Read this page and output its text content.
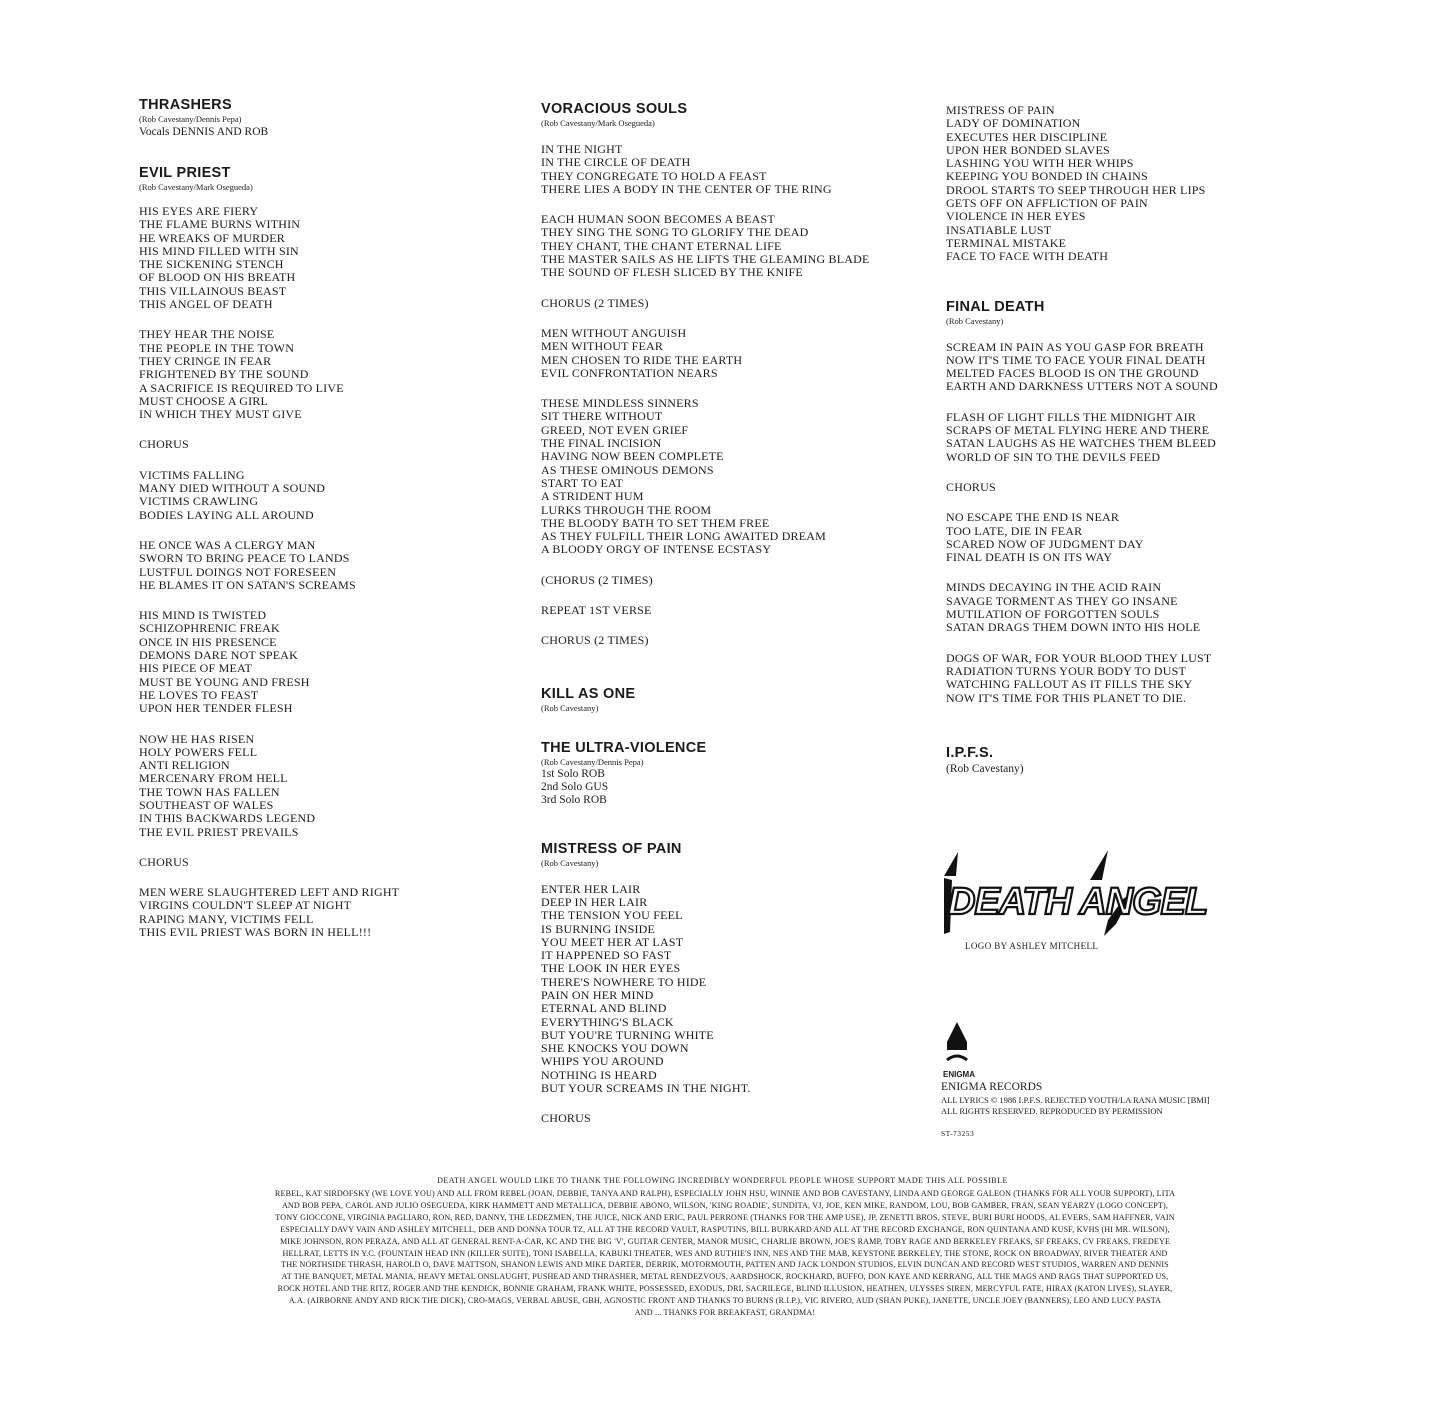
THRASHERS

(Rob Cavestany/Dennis Pepa)

Vocals DENNIS AND ROB

EVIL PRIEST

(Rob Cavestany/Mark Osegueda)

HIS EYES ARE FIERY
THE FLAME BURNS WITHIN
HE WREAKS OF MURDER
HIS MIND FILLED WITH SIN
THE SICKENING STENCH
OF BLOOD ON HIS BREATH
THIS VILLAINOUS BEAST
THIS ANGEL OF DEATH
THEY HEAR THE NOISE
THE PEOPLE IN THE TOWN
THEY CRINGE IN FEAR
FRIGHTENED BY THE SOUND
A SACRIFICE IS REQUIRED TO LIVE
MUST CHOOSE A GIRL
IN WHICH THEY MUST GIVE
CHORUS
VICTIMS FALLING
MANY DIED WITHOUT A SOUND
VICTIMS CRAWLING
BODIES LAYING ALL AROUND
HE ONCE WAS A CLERGY MAN
SWORN TO BRING PEACE TO LANDS
LUSTFUL DOINGS NOT FORESEEN
HE BLAMES IT ON SATAN'S SCREAMS
HIS MIND IS TWISTED
SCHIZOPHRENIC FREAK
ONCE IN HIS PRESENCE
DEMONS DARE NOT SPEAK
HIS PIECE OF MEAT
MUST BE YOUNG AND FRESH
HE LOVES TO FEAST
UPON HER TENDER FLESH
NOW HE HAS RISEN
HOLY POWERS FELL
ANTI RELIGION
MERCENARY FROM HELL
THE TOWN HAS FALLEN
SOUTHEAST OF WALES
IN THIS BACKWARDS LEGEND
THE EVIL PRIEST PREVAILS
CHORUS
MEN WERE SLAUGHTERED LEFT AND RIGHT
VIRGINS COULDN'T SLEEP AT NIGHT
RAPING MANY, VICTIMS FELL
THIS EVIL PRIEST WAS BORN IN HELL!!!

VORACIOUS SOULS

(Rob Cavestany/Mark Osegueda)

IN THE NIGHT
IN THE CIRCLE OF DEATH
THEY CONGREGATE TO HOLD A FEAST
THERE LIES A BODY IN THE CENTER OF THE RING
EACH HUMAN SOON BECOMES A BEAST
THEY SING THE SONG TO GLORIFY THE DEAD
THEY CHANT, THE CHANT ETERNAL LIFE
THE MASTER SAILS AS HE LIFTS THE GLEAMING BLADE
THE SOUND OF FLESH SLICED BY THE KNIFE
CHORUS (2 TIMES)
MEN WITHOUT ANGUISH
MEN WITHOUT FEAR
MEN CHOSEN TO RIDE THE EARTH
EVIL CONFRONTATION NEARS
THESE MINDLESS SINNERS
SIT THERE WITHOUT
GREED, NOT EVEN GRIEF
THE FINAL INCISION
HAVING NOW BEEN COMPLETE
AS THESE OMINOUS DEMONS
START TO EAT
A STRIDENT HUM
LURKS THROUGH THE ROOM
THE BLOODY BATH TO SET THEM FREE
AS THEY FULFILL THEIR LONG AWAITED DREAM
A BLOODY ORGY OF INTENSE ECSTASY
(CHORUS (2 TIMES)
REPEAT 1ST VERSE
CHORUS (2 TIMES)

KILL AS ONE

(Rob Cavestany)

THE ULTRA-VIOLENCE

(Rob Cavestany/Dennis Pepa)

1st Solo ROB

2nd Solo GUS

3rd Solo ROB

MISTRESS OF PAIN

(Rob Cavestany)

ENTER HER LAIR
DEEP IN HER LAIR
THE TENSION YOU FEEL
IS BURNING INSIDE
YOU MEET HER AT LAST
IT HAPPENED SO FAST
THE LOOK IN HER EYES
THERE'S NOWHERE TO HIDE
PAIN ON HER MIND
ETERNAL AND BLIND
EVERYTHING'S BLACK
BUT YOU'RE TURNING WHITE
SHE KNOCKS YOU DOWN
WHIPS YOU AROUND
NOTHING IS HEARD
BUT YOUR SCREAMS IN THE NIGHT.
CHORUS
MISTRESS OF PAIN
LADY OF DOMINATION
EXECUTES HER DISCIPLINE
UPON HER BONDED SLAVES
LASHING YOU WITH HER WHIPS
KEEPING YOU BONDED IN CHAINS
DROOL STARTS TO SEEP THROUGH HER LIPS
GETS OFF ON AFFLICTION OF PAIN
VIOLENCE IN HER EYES
INSATIABLE LUST
TERMINAL MISTAKE
FACE TO FACE WITH DEATH

FINAL DEATH

(Rob Cavestany)

SCREAM IN PAIN AS YOU GASP FOR BREATH
NOW IT'S TIME TO FACE YOUR FINAL DEATH
MELTED FACES BLOOD IS ON THE GROUND
EARTH AND DARKNESS UTTERS NOT A SOUND
FLASH OF LIGHT FILLS THE MIDNIGHT AIR
SCRAPS OF METAL FLYING HERE AND THERE
SATAN LAUGHS AS HE WATCHES THEM BLEED
WORLD OF SIN TO THE DEVILS FEED
CHORUS
NO ESCAPE THE END IS NEAR
TOO LATE, DIE IN FEAR
SCARED NOW OF JUDGMENT DAY
FINAL DEATH IS ON ITS WAY
MINDS DECAYING IN THE ACID RAIN
SAVAGE TORMENT AS THEY GO INSANE
MUTILATION OF FORGOTTEN SOULS
SATAN DRAGS THEM DOWN INTO HIS HOLE
DOGS OF WAR, FOR YOUR BLOOD THEY LUST
RADIATION TURNS YOUR BODY TO DUST
WATCHING FALLOUT AS IT FILLS THE SKY
NOW IT'S TIME FOR THIS PLANET TO DIE.

I.P.F.S.

(Rob Cavestany)

DEATH ANGEL
LOGO BY ASHLEY MITCHELL
ENIGMA
ENIGMA RECORDS
ALL LYRICS © 1986 I.P.F.S. REJECTED YOUTH/LA RANA MUSIC [BMI]
ALL RIGHTS RESERVED. REPRODUCED BY PERMISSION
ST-73253
DEATH ANGEL WOULD LIKE TO THANK THE FOLLOWING INCREDIBLY WONDERFUL PEOPLE WHOSE SUPPORT MADE THIS ALL POSSIBLE
REBEL, KAT SIRDOFSKY (WE LOVE YOU) AND ALL FROM REBEL (JOAN, DEBBIE, TANYA AND RALPH), ESPECIALLY JOHN HSU, WINNIE AND BOB CAVESTANY, LINDA AND GEORGE GALEON (THANKS FOR ALL YOUR SUPPORT), LITA
AND BOB PEPA, CAROL AND JULIO OSEGUEDA, KIRK HAMMETT AND METALLICA, DEBBIE ABONO, WILSON, 'KING ROADIE', SUNDITA, VJ, JOE, KEN MIKE, RANDOM, LOU, BOB GAMBER, FRAN, SEAN YEARZY (LOGO CONCEPT),
TONY GIOCCONE, VIRGINIA PAGLIARO, RON, RED, DANNY, THE LEDEZMEN, THE JUICE, NICK AND ERIC, PAUL PERRONE (THANKS FOR THE AMP USE), JP, ZENETTI BROS, STEVE, BURI BURI HOODS, AL EVERS, SAM HAFFNER, VAIN
ESPECIALLY DAVY VAIN AND ASHLEY MITCHELL, DEB AND DONNA TOUR TZ, ALL AT THE RECORD VAULT, RASPUTINS, BILL BURKARD AND ALL AT THE RECORD EXCHANGE, RON QUINTANA AND KUSF, KVHS (HI MR. WILSON),
MIKE JOHNSON, RON PERAZA, AND ALL AT GENERAL RENT-A-CAR, KC AND THE BIG 'V', GUITAR CENTER, MANOR MUSIC, CHARLIE BROWN, JOE'S RAMP, TOBY RAGE AND BERKELEY FREAKS, SF FREAKS, CV FREAKS, FREDEYE
HELLRAT, LETTS IN Y.C. (FOUNTAIN HEAD INN (KILLER SUITE), TONI ISABELLA, KABUKI THEATER, WES AND RUTHIE'S INN, NES AND THE MAB, KEYSTONE BERKELEY, THE STONE, ROCK ON BROADWAY, RIVER THEATER AND
THE NORTHSIDE THRASH, HAROLD O, DAVE MATTSON, SHANON LEWIS AND MIKE DARTER, DERRIK, MOTORMOUTH, PATTEN AND JACK LONDON STUDIOS, ELVIN DUNCAN AND RECORD WEST STUDIOS, WARREN AND DENNIS
AT THE BANQUET, METAL MANIA, HEAVY METAL ONSLAUGHT, PUSHEAD AND THRASHER, METAL RENDEZVOUS, AARDSHOCK, ROCKHARD, BUFFO, DON KAYE AND KERRANG, ALL THE MAGS AND RAGS THAT SUPPORTED US,
ROCK HOTEL AND THE RITZ, ROGER AND THE KENDICK, BONNIE GRAHAM, FRANK WHITE, POSSESSED, EXODUS, DRI, SACRILEGE, BLIND ILLUSION, HEATHEN, ULYSSES SIREN, MERCYFUL FATE, HIRAX (KATON LIVES), SLAYER,
A.A. (AIRBORNE ANDY AND RICK THE DICK), CRO-MAGS, VERBAL ABUSE, GBH, AGNOSTIC FRONT AND THANKS TO BURNS (R.I.P.), VIC RIVERO, AUD (SHAN PUKE), JANETTE, UNCLE JOEY (BANNERS), LEO AND LUCY PASTA
AND ... THANKS FOR BREAKFAST, GRANDMA!
